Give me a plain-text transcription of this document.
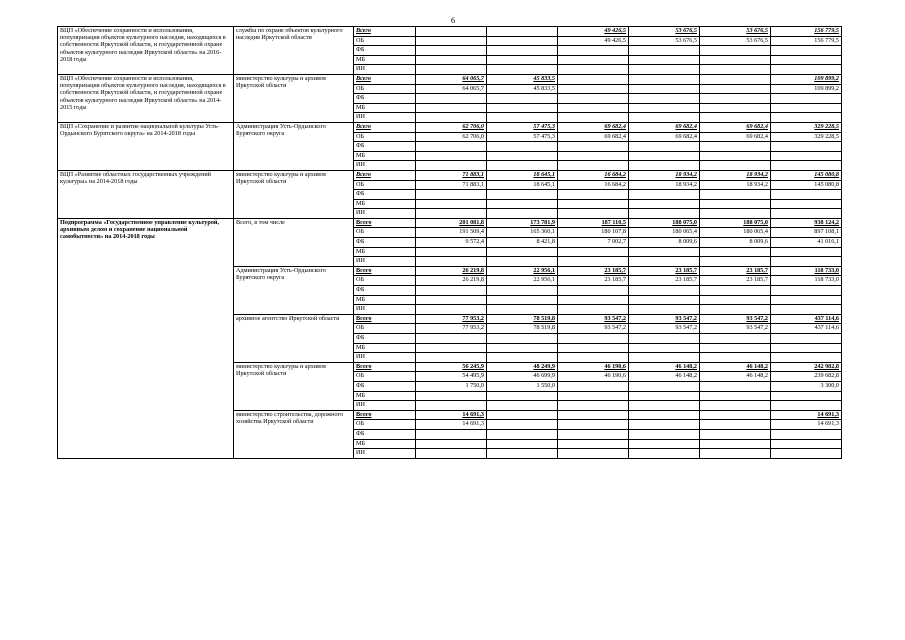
6
ВЦП «Обеспечение сохранности и использования, популяризация объектов культурного наследия, находящихся в собственности Иркутской области, и государственной охране объектов культурного наследия Иркутской области» на 2016-2018 годы	службы по охране объектов культурного наследия Иркутской области	Всего			49 426,5	53 676,5	53 676,5	156 779,5
		ОБ			49 426,5	53 676,5	53 676,5	156 779,5
		ФБ						
		МБ						
		ИИ						
ВЦП «Обеспечение сохранности и использования, популяризация объектов культурного наследия, находящихся в собственности Иркутской области, и государственной охране объектов культурного наследия Иркутской области» на 2014-2015 годы	министерство культуры и архивов Иркутской области	Всего	64 065,7	45 833,5				109 899,2
		ОБ	64 065,7	45 833,5				109 899,2
		ФБ						
		МБ						
		ИИ						
ВЦП «Сохранение и развитие национальной культуры Усть-Ордынского Бурятского округа» на 2014-2018 годы	Администрация Усть-Ордынского Бурятского округа	Всего	62 706,0	57 475,3	69 682,4	69 682,4	69 682,4	329 228,5
		ОБ	62 706,0	57 475,3	69 682,4	69 682,4	69 682,4	329 228,5
		ФБ						
		МБ						
		ИИ						
ВЦП «Развитие областных государственных учреждений культуры» на 2014-2018 годы	министерство культуры и архивов Иркутской области	Всего	71 883,1	18 645,1	16 684,2	18 934,2	18 934,2	145 080,8
		ОБ	71 883,1	18 645,1	16 684,2	18 934,2	18 934,2	145 080,8
		ФБ						
		МБ						
		ИИ						
Подпрограмма «Государственное управление культурой, архивным делом и сохранение национальной самобытности» на 2014-2018 годы	Всего, в том числе	Всего	201 081,8	173 781,9	187 110,5	188 075,0	188 075,0	938 124,2
		ОБ	191 509,4	165 360,1	180 107,8	180 065,4	180 065,4	897 108,1
		ФБ	9 572,4	8 421,8	7 002,7	8 009,6	8 009,6	41 016,1
		МБ						
		ИИ						
	Администрация Усть-Ордынского Бурятского округа	Всего	26 219,8	22 956,1	23 185,7	23 185,7	23 185,7	118 733,0
		ОБ	26 219,8	22 956,1	23 185,7	23 185,7	23 185,7	118 733,0
		ФБ						
		МБ						
		ИИ						
	архивное агентство Иркутской области	Всего	77 953,2	78 519,8	93 547,2	93 547,2	93 547,2	437 114,6
		ОБ	77 953,2	78 519,8	93 547,2	93 547,2	93 547,2	437 114,6
		ФБ						
		МБ						
		ИИ						
	министерство культуры и архивов Иркутской области	Всего	56 245,9	48 249,9	46 190,6	46 148,2	46 148,2	242 982,8
		ОБ	54 495,9	46 699,9	46 190,6	46 148,2	46 148,2	239 682,8
		ФБ	1 750,0	1 550,0				3 300,0
		МБ						
		ИИ						
	министерство строительства, дорожного хозяйства Иркутской области	Всего	14 691,3					14 691,3
		ОБ	14 691,3					14 691,3
		ФБ						
		МБ						
		ИИ						
